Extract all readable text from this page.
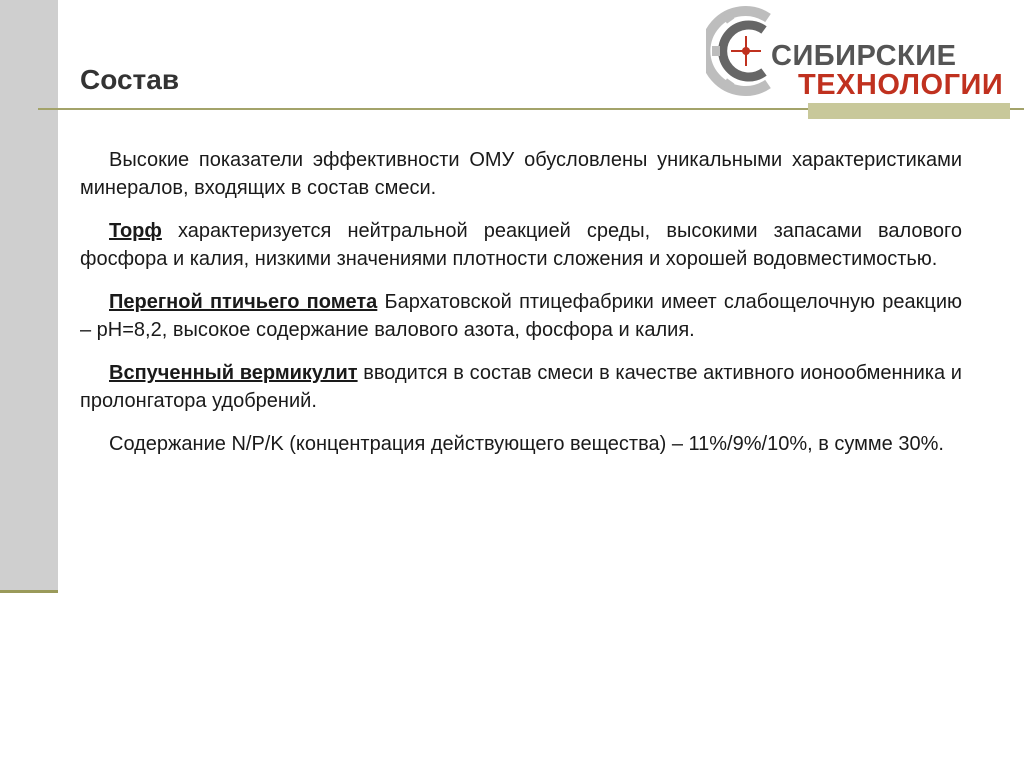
Состав
СИБИРСКИЕ
ТЕХНОЛОГИИ

Высокие показатели эффективности ОМУ обусловлены уникальными характеристиками минералов, входящих в состав смеси.

Торф характеризуется нейтральной реакцией среды, высокими запасами валового фосфора и калия, низкими значениями плотности сложения и хорошей водовместимостью.

Перегной птичьего помета Бархатовской птицефабрики имеет слабощелочную реакцию – pH=8,2, высокое содержание валового азота, фосфора и калия.

Вспученный вермикулит вводится в состав смеси в качестве активного ионообменника и пролонгатора удобрений.

Содержание N/P/K (концентрация действующего вещества) – 11%/9%/10%, в сумме 30%.
